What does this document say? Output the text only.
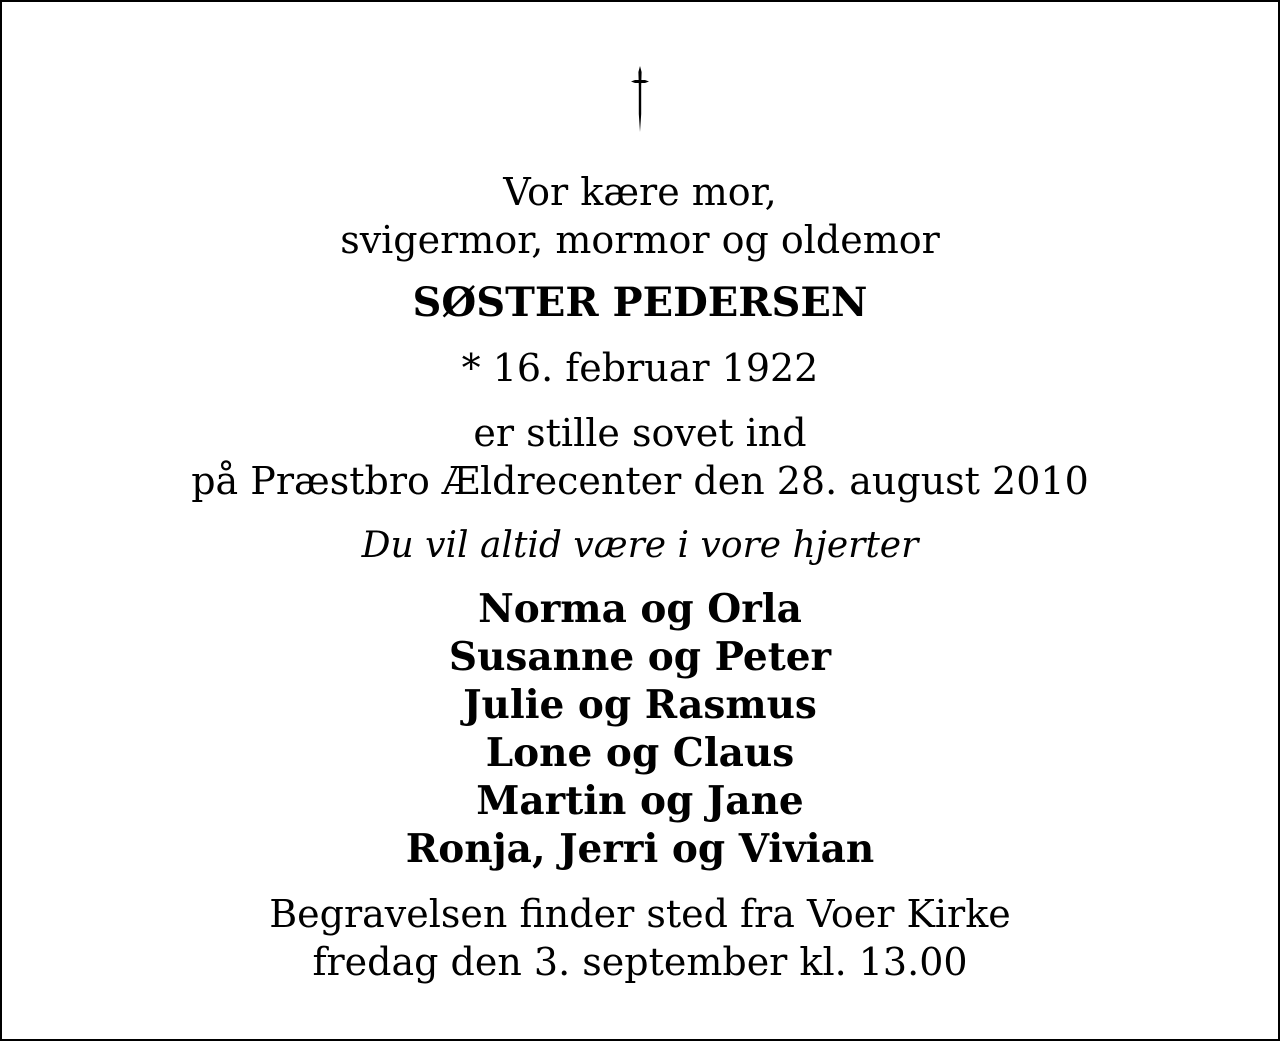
Vor kære mor,
svigermor, mormor og oldemor
SØSTER PEDERSEN
* 16. februar 1922
er stille sovet ind
på Præstbro Ældrecenter den 28. august 2010
Du vil altid være i vore hjerter
Norma og Orla
Susanne og Peter
Julie og Rasmus
Lone og Claus
Martin og Jane
Ronja, Jerri og Vivian
Begravelsen finder sted fra Voer Kirke
fredag den 3. september kl. 13.00
